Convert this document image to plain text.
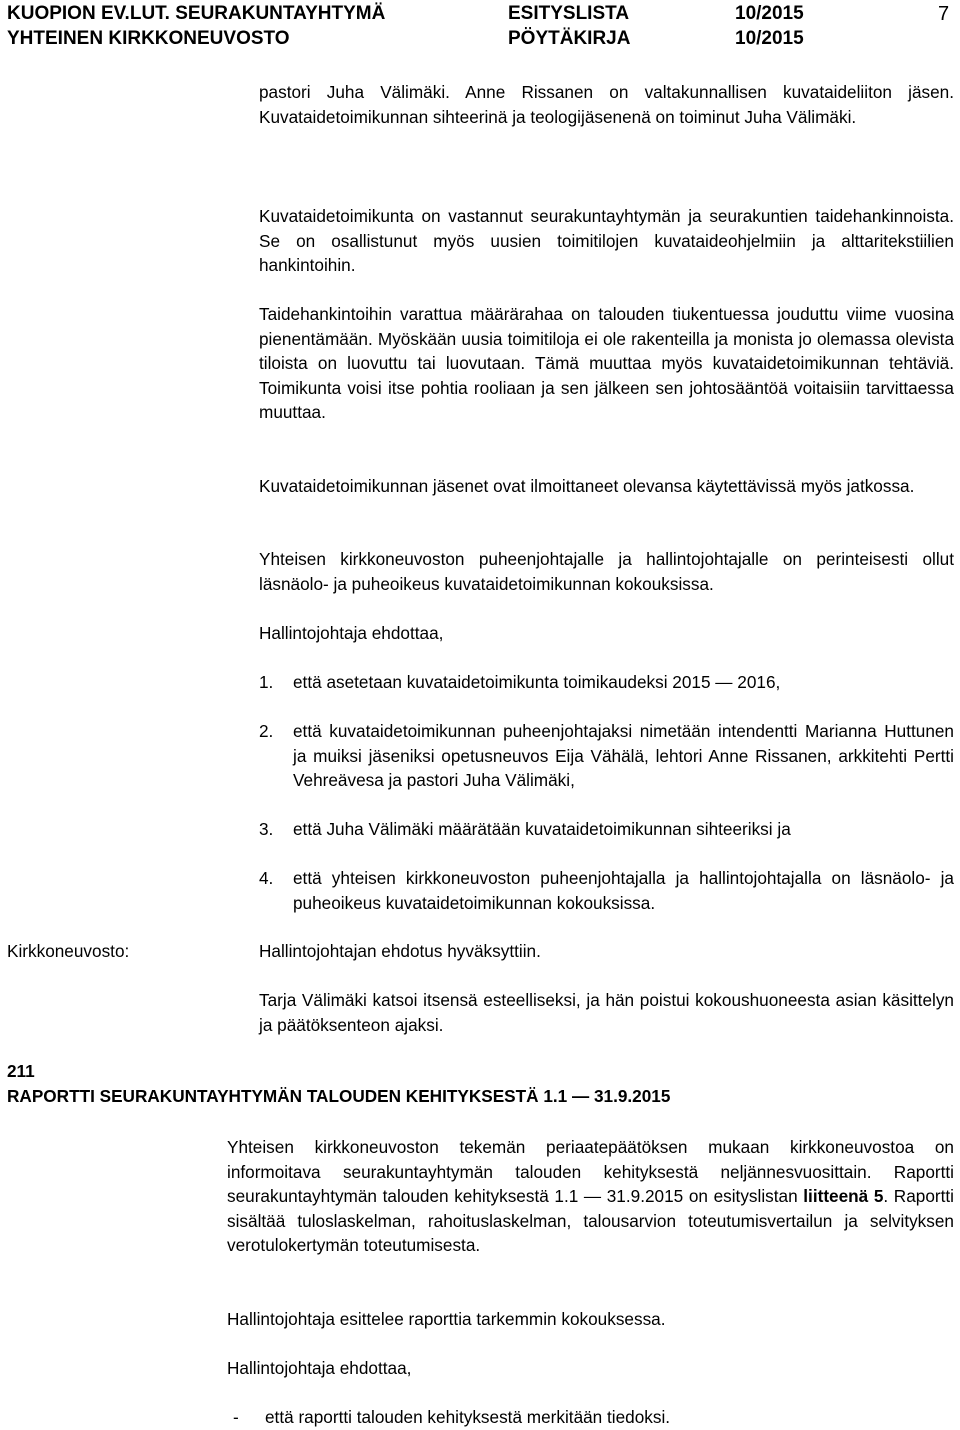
KUOPION EV.LUT. SEURAKUNTAYHTYMÄ	ESITYSLISTA	10/2015	7
YHTEINEN KIRKKONEUVOSTO	PÖYTÄKIRJA	10/2015
pastori Juha Välimäki. Anne Rissanen on valtakunnallisen kuvataideliiton jäsen. Kuvataidetoimikunnan sihteerinä ja teologijäsenenä on toiminut Juha Välimäki.
Kuvataidetoimikunta on vastannut seurakuntayhtymän ja seurakuntien taidehankinnoista. Se on osallistunut myös uusien toimitilojen kuvataideohjelmiin ja alttaritekstiilien hankintoihin.
Taidehankintoihin varattua määrärahaa on talouden tiukentuessa jouduttu viime vuosina pienentämään. Myöskään uusia toimitiloja ei ole rakenteilla ja monista jo olemassa olevista tiloista on luovuttu tai luovutaan. Tämä muuttaa myös kuvataidetoimikunnan tehtäviä. Toimikunta voisi itse pohtia rooliaan ja sen jälkeen sen johtosääntöä voitaisiin tarvittaessa muuttaa.
Kuvataidetoimikunnan jäsenet ovat ilmoittaneet olevansa käytettävissä myös jatkossa.
Yhteisen kirkkoneuvoston puheenjohtajalle ja hallintojohtajalle on perinteisesti ollut läsnäolo- ja puheoikeus kuvataidetoimikunnan kokouksissa.
Hallintojohtaja ehdottaa,
1.	että asetetaan kuvataidetoimikunta toimikaudeksi 2015 — 2016,
2.	että kuvataidetoimikunnan puheenjohtajaksi nimetään intendentti Marianna Huttunen ja muiksi jäseniksi opetusneuvos Eija Vähälä, lehtori Anne Rissanen, arkkitehti Pertti Vehreävesa ja pastori Juha Välimäki,
3.	että Juha Välimäki määrätään kuvataidetoimikunnan sihteeriksi ja
4.	että yhteisen kirkkoneuvoston puheenjohtajalla ja hallintojohtajalla on läsnäolo- ja puheoikeus kuvataidetoimikunnan kokouksissa.
Kirkkoneuvosto:	Hallintojohtajan ehdotus hyväksyttiin.
Tarja Välimäki katsoi itsensä esteelliseksi, ja hän poistui kokoushuoneesta asian käsittelyn ja päätöksenteon ajaksi.
211
RAPORTTI SEURAKUNTAYHTYMÄN TALOUDEN KEHITYKSESTÄ 1.1 — 31.9.2015
Yhteisen kirkkoneuvoston tekemän periaatepäätöksen mukaan kirkkoneuvostoa on informoitava seurakuntayhtymän talouden kehityksestä neljännesvuosittain. Raportti seurakuntayhtymän talouden kehityksestä 1.1 — 31.9.2015 on esityslistan liitteenä 5. Raportti sisältää tuloslaskelman, rahoituslaskelman, talousarvion toteutumisvertailun ja selvityksen verotulokertymän toteutumisesta.
Hallintojohtaja esittelee raporttia tarkemmin kokouksessa.
Hallintojohtaja ehdottaa,
- että raportti talouden kehityksestä merkitään tiedoksi.
